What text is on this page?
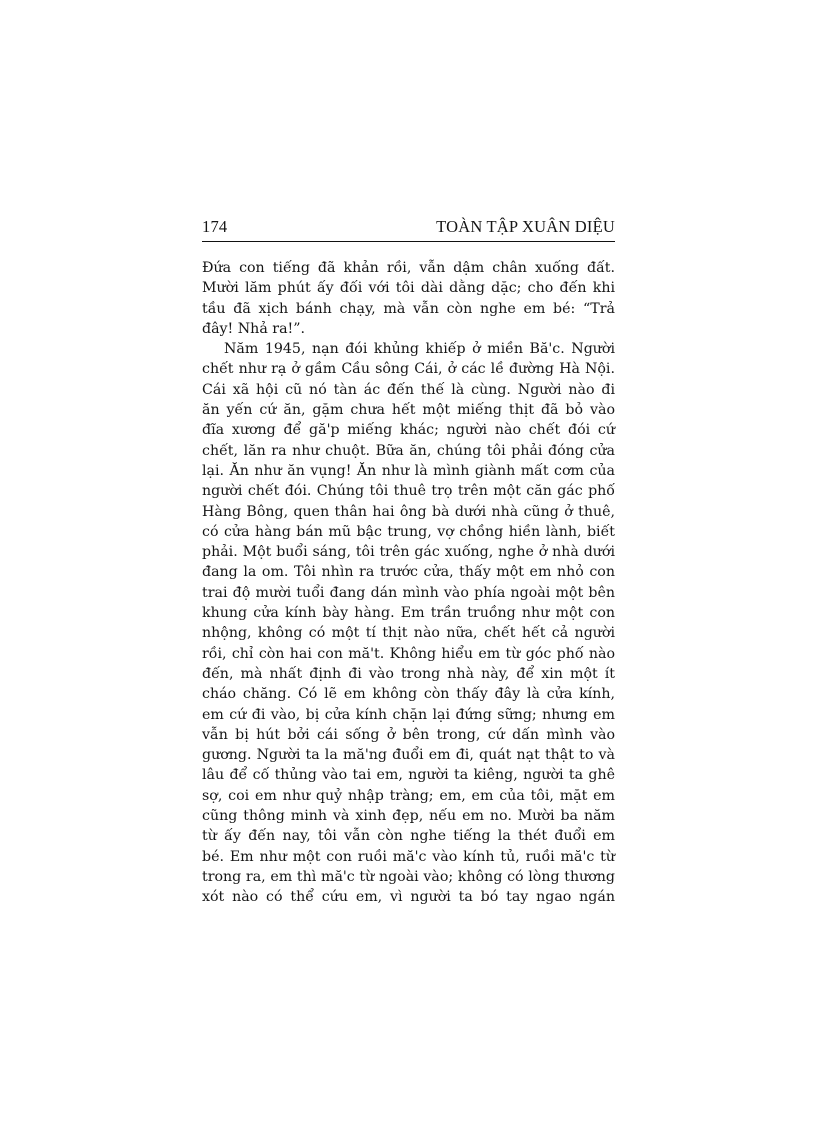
174	TOÀN TẬP XUÂN DIỆU
Đứa con tiếng đã khản rồi, vẫn dậm chân xuống đất.
Mười lăm phút ấy đối với tôi dài dằng dặc; cho đến khi
tầu đã xịch bánh chạy, mà vẫn còn nghe em bé: “Trả
đây! Nhả ra!”.
Năm 1945, nạn đói khủng khiếp ở miền Bă'c. Người
chết như rạ ở gầm Cầu sông Cái, ở các lề đường Hà Nội.
Cái xã hội cũ nó tàn ác đến thế là cùng. Người nào đi
ăn yến cứ ăn, gặm chưa hết một miếng thịt đã bỏ vào
đĩa xương để gă'p miếng khác; người nào chết đói cứ
chết, lăn ra như chuột. Bữa ăn, chúng tôi phải đóng cửa
lại. Ăn như ăn vụng! Ăn như là mình giành mất cơm của
người chết đói. Chúng tôi thuê trọ trên một căn gác phố
Hàng Bông, quen thân hai ông bà dưới nhà cũng ở thuê,
có cửa hàng bán mũ bậc trung, vợ chồng hiền lành, biết
phải. Một buổi sáng, tôi trên gác xuống, nghe ở nhà dưới
đang la om. Tôi nhìn ra trước cửa, thấy một em nhỏ con
trai độ mười tuổi đang dán mình vào phía ngoài một bên
khung cửa kính bày hàng. Em trần truồng như một con
nhộng, không có một tí thịt nào nữa, chết hết cả người
rồi, chỉ còn hai con mă't. Không hiểu em từ góc phố nào
đến, mà nhất định đi vào trong nhà này, để xin một ít
cháo chăng. Có lẽ em không còn thấy đây là cửa kính,
em cứ đi vào, bị cửa kính chặn lại đứng sững; nhưng em
vẫn bị hút bởi cái sống ở bên trong, cứ dấn mình vào
gương. Người ta la mă'ng đuổi em đi, quát nạt thật to và
lâu để cố thủng vào tai em, người ta kiêng, người ta ghê
sợ, coi em như quỷ nhập tràng; em, em của tôi, mặt em
cũng thông minh và xinh đẹp, nếu em no. Mười ba năm
từ ấy đến nay, tôi vẫn còn nghe tiếng la thét đuổi em
bé. Em như một con ruồi mă'c vào kính tủ, ruồi mă'c từ
trong ra, em thì mă'c từ ngoài vào; không có lòng thương
xót nào có thể cứu em, vì người ta bó tay ngao ngán
